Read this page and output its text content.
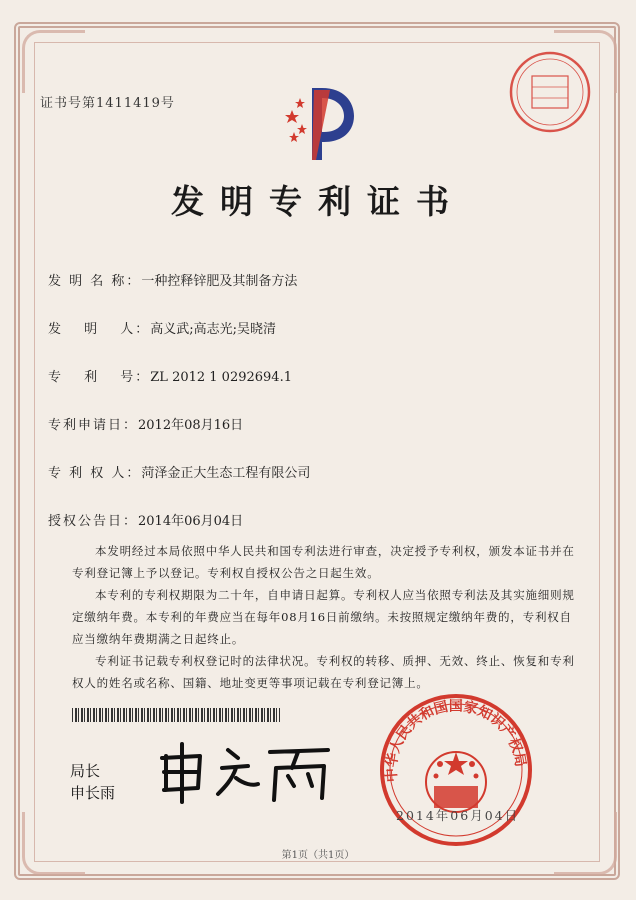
证书号第1411419号
发明专利证书
发 明 名 称：一种控释锌肥及其制备方法
发 　明 　人：高义武;高志光;吴晓清
专 　利 　号：ZL 2012 1 0292694.1
专利申请日：2012年08月16日
专 利 权 人：菏泽金正大生态工程有限公司
授权公告日：2014年06月04日

本发明经过本局依照中华人民共和国专利法进行审查，决定授予专利权，颁发本证书并在专利登记簿上予以登记。专利权自授权公告之日起生效。

本专利的专利权期限为二十年，自申请日起算。专利权人应当依照专利法及其实施细则规定缴纳年费。本专利的年费应当在每年08月16日前缴纳。未按照规定缴纳年费的，专利权自应当缴纳年费期满之日起终止。

专利证书记载专利权登记时的法律状况。专利权的转移、质押、无效、终止、恢复和专利权人的姓名或名称、国籍、地址变更等事项记载在专利登记簿上。

局长
申长雨
中华人民共和国国家知识产权局
2014年06月04日
第1页（共1页）
